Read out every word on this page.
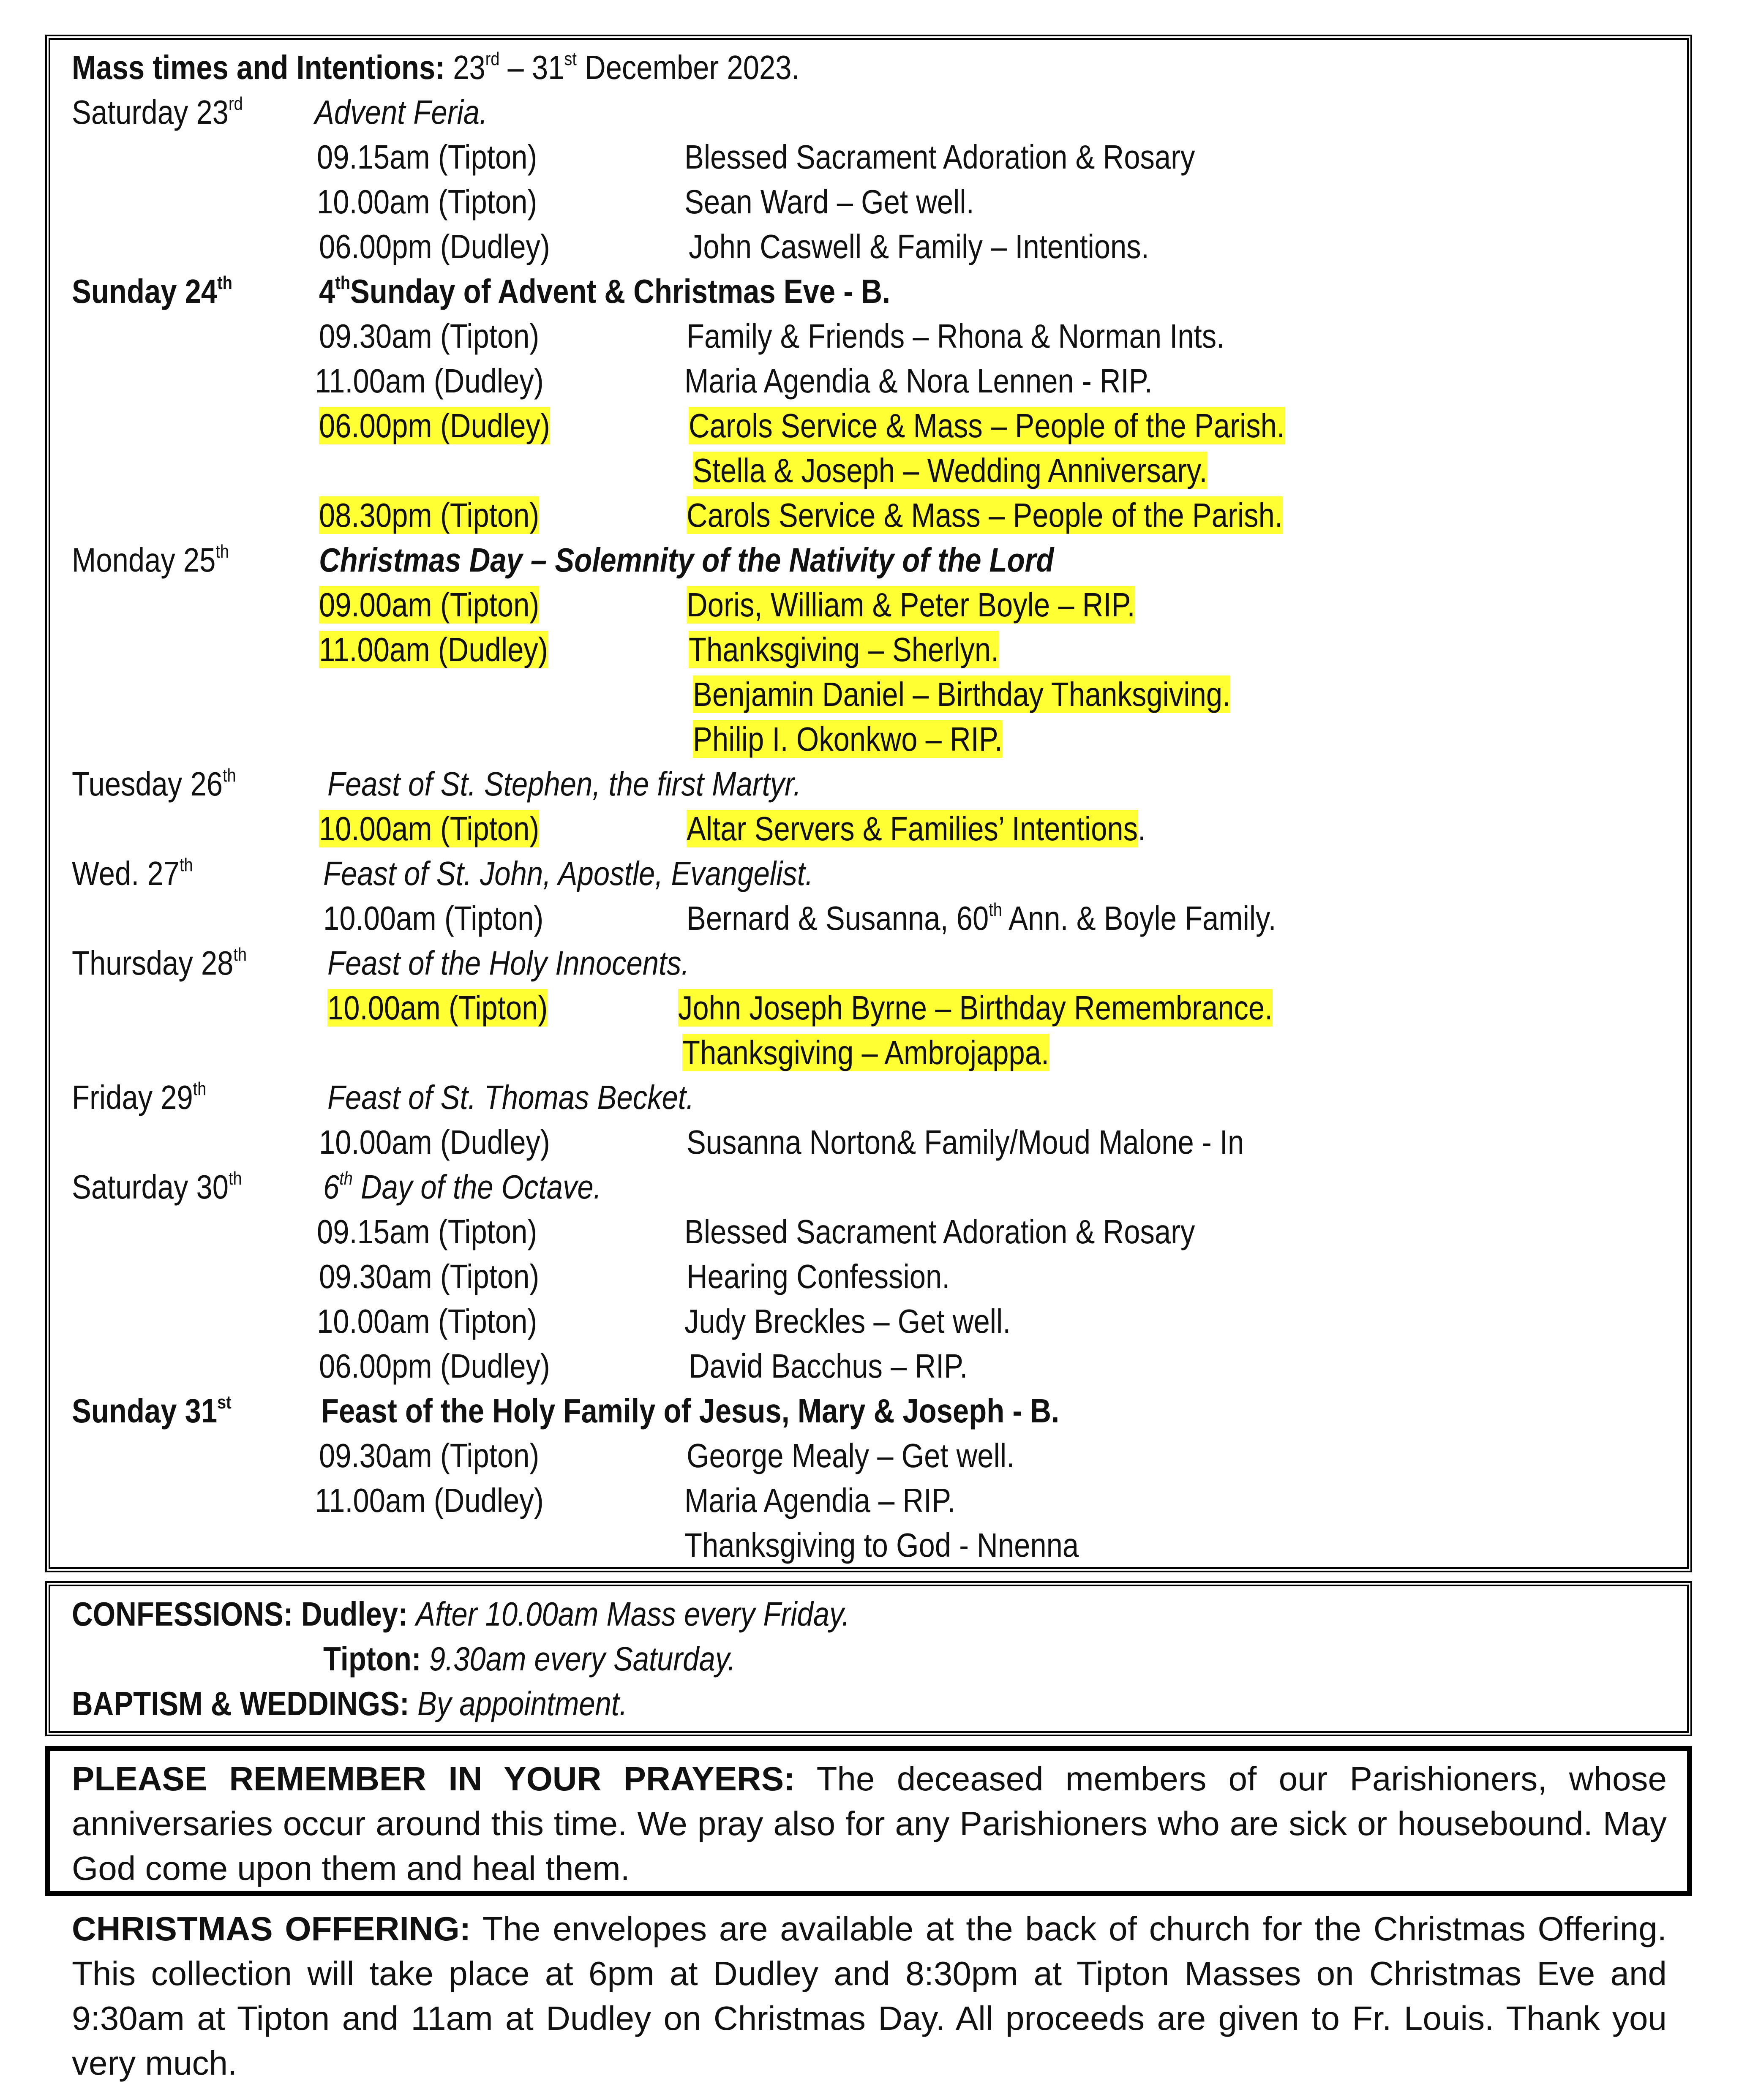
Mass times and Intentions: 23rd – 31st December 2023.
Saturday 23rd Advent Feria.
09.15am (Tipton)	Blessed Sacrament Adoration & Rosary
10.00am (Tipton)	Sean Ward – Get well.
06.00pm (Dudley)	John Caswell & Family – Intentions.
Sunday 24th	4thSunday of Advent & Christmas Eve - B.
09.30am (Tipton)	Family & Friends – Rhona & Norman Ints.
11.00am (Dudley)	Maria Agendia & Nora Lennen - RIP.
06.00pm (Dudley)	Carols Service & Mass – People of the Parish.
Stella & Joseph – Wedding Anniversary.
08.30pm (Tipton)	Carols Service & Mass – People of the Parish.
Monday 25th	Christmas Day – Solemnity of the Nativity of the Lord
09.00am (Tipton)	Doris, William & Peter Boyle – RIP.
11.00am (Dudley)	Thanksgiving – Sherlyn.
Benjamin Daniel – Birthday Thanksgiving.
Philip I. Okonkwo – RIP.
Tuesday 26th	Feast of St. Stephen, the first Martyr.
10.00am (Tipton)	Altar Servers & Families’ Intentions.
Wed. 27th	Feast of St. John, Apostle, Evangelist.
10.00am (Tipton)	Bernard & Susanna, 60th Ann. & Boyle Family.
Thursday 28th Feast of the Holy Innocents.
10.00am (Tipton)	John Joseph Byrne – Birthday Remembrance.
Thanksgiving – Ambrojappa.
Friday 29th	Feast of St. Thomas Becket.
10.00am (Dudley)	Susanna Norton& Family/Moud Malone - In
Saturday 30th 6th Day of the Octave.
09.15am (Tipton)	Blessed Sacrament Adoration & Rosary
09.30am (Tipton)	Hearing Confession.
10.00am (Tipton)	Judy Breckles – Get well.
06.00pm (Dudley)	David Bacchus – RIP.
Sunday 31st	Feast of the Holy Family of Jesus, Mary & Joseph - B.
09.30am (Tipton)	George Mealy – Get well.
11.00am (Dudley)	Maria Agendia – RIP.
Thanksgiving to God - Nnenna
CONFESSIONS: Dudley: After 10.00am Mass every Friday.
Tipton: 9.30am every Saturday.
BAPTISM & WEDDINGS: By appointment.
PLEASE REMEMBER IN YOUR PRAYERS: The deceased members of our Parishioners, whose anniversaries occur around this time. We pray also for any Parishioners who are sick or housebound. May God come upon them and heal them.
CHRISTMAS OFFERING: The envelopes are available at the back of church for the Christmas Offering. This collection will take place at 6pm at Dudley and 8:30pm at Tipton Masses on Christmas Eve and 9:30am at Tipton and 11am at Dudley on Christmas Day. All proceeds are given to Fr. Louis. Thank you very much.
